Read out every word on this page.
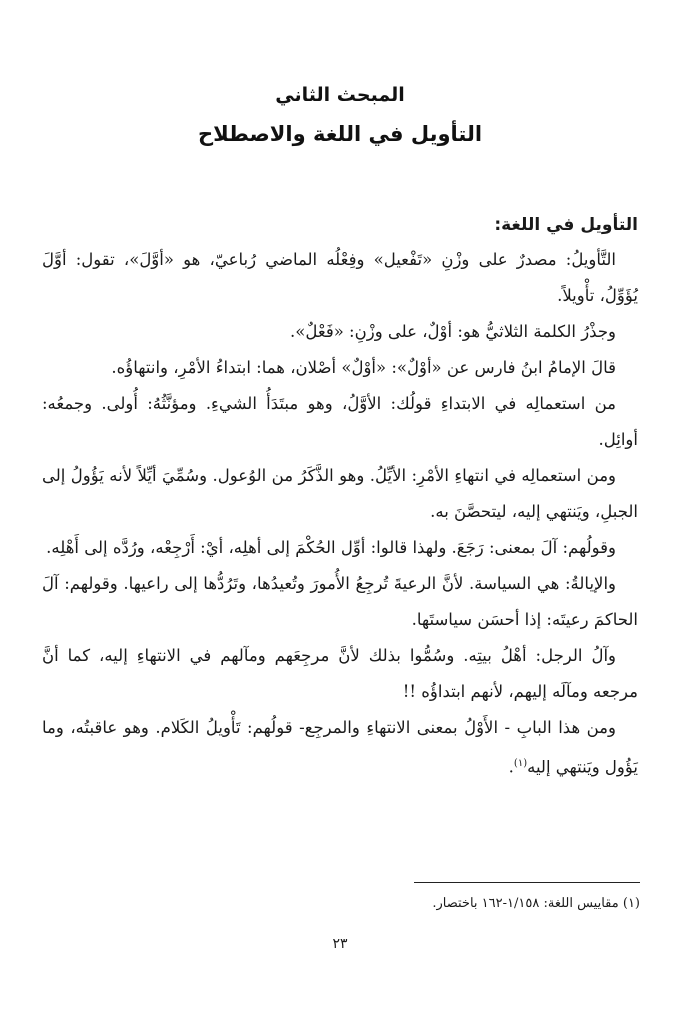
المبحث الثاني
التأويل في اللغة والاصطلاح

التأويل في اللغة:

التَّأويلُ: مصدرٌ على وزْنِ «تَفْعيل» وفِعْلُه الماضي رُباعيّ، هو «أوَّلَ»، تقول: أوَّلَ يُؤَوِّلُ، تأْويلاً.

وجذْرُ الكلمة الثلاثيُّ هو: أوْلٌ، على وزْنِ: «فَعْلٌ».

قالَ الإمامُ ابنُ فارس عن «أوْلٌ»: «أوْلٌ» أصْلان، هما: ابتداءُ الأمْرِ، وانتهاؤُه.

من استعمالِه في الابتداءِ قولُك: الأوَّلُ، وهو مبتَدَأُ الشيءِ. ومؤنَّثُهُ: أُولى. وجمعُه: أوائِل.

ومن استعمالِه في انتهاءِ الأمْرِ: الأيِّلُ. وهو الذَّكَرُ من الوُعول. وسُمِّيَ أيِّلاً لأنه يَؤُولُ إلى الجبلِ، ويَنتهي إليه، ليتحصَّنَ به.

وقولُهم: آلَ بمعنى: رَجَعَ. ولهذا قالوا: أوِّل الحُكْمَ إلى أهلِه، أيْ: أَرْجِعْه، ورُدَّه إلى أَهْلِه.

والإيالةُ: هي السياسة. لأنَّ الرعيةَ تُرجِعُ الأُمورَ وتُعيدُها، وتَرُدُّها إلى راعيها. وقولهم: آلَ الحاكمَ رعيتَه: إذا أحسَن سياستَها.

وآلُ الرجل: أهْلُ بيتِه. وسُمُّوا بذلك لأنَّ مرجِعَهم ومآلهم في الانتهاءِ إليه، كما أنَّ مرجعه ومآلَه إليهم، لأنهم ابتداؤُه !!

ومن هذا البابِ - الأَوْلُ بمعنى الانتهاءِ والمرجِع- قولُهم: تَأْويلُ الكَلام. وهو عاقبتُه، وما يَؤُول ويَنتهي إليه$^{(١)}$.

(١) مقاييس اللغة: ١/١٥٨-١٦٢ باختصار.
٢٣
